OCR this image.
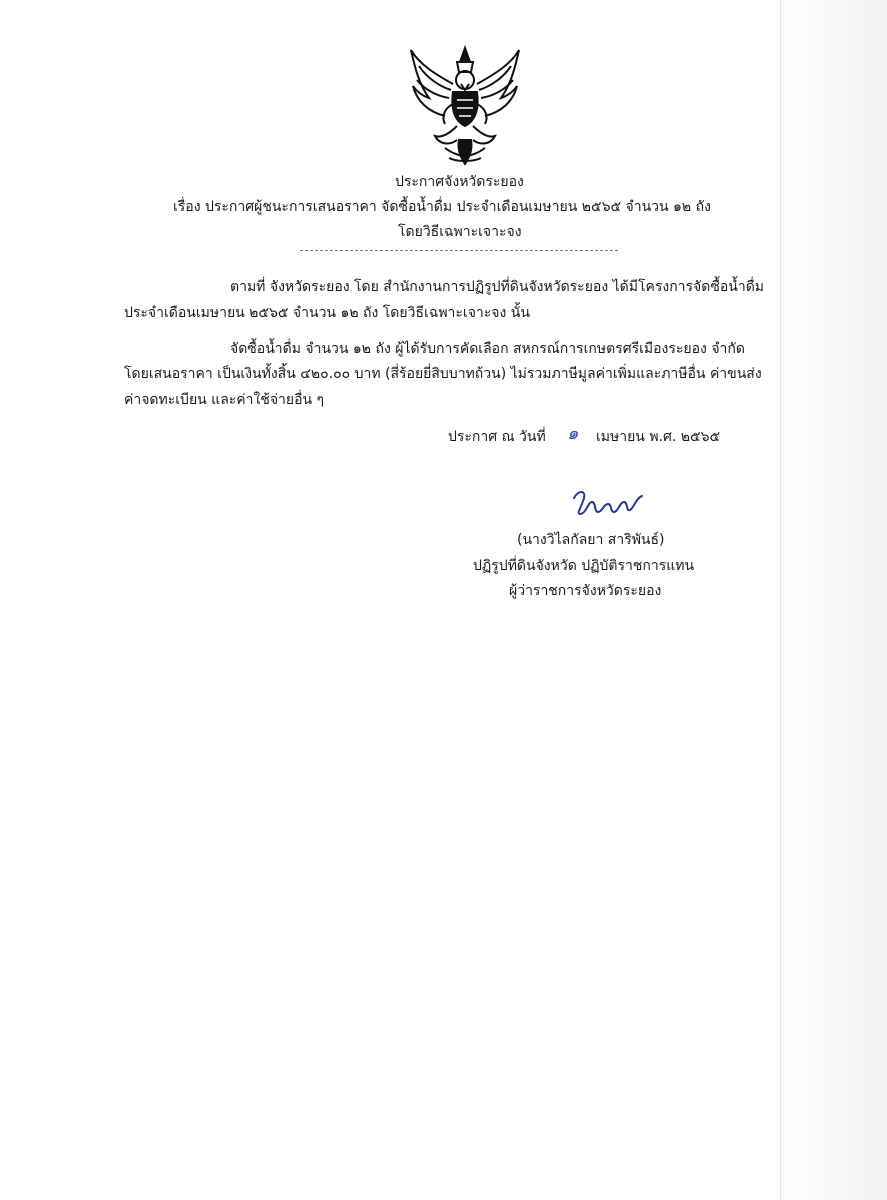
ประกาศจังหวัดระยอง
เรื่อง ประกาศผู้ชนะการเสนอราคา จัดซื้อน้ำดื่ม ประจำเดือนเมษายน ๒๕๖๕ จำนวน ๑๒ ถัง
โดยวิธีเฉพาะเจาะจง
ตามที่ จังหวัดระยอง โดย สำนักงานการปฏิรูปที่ดินจังหวัดระยอง ได้มีโครงการจัดซื้อน้ำดื่ม
ประจำเดือนเมษายน ๒๕๖๕ จำนวน ๑๒ ถัง โดยวิธีเฉพาะเจาะจง นั้น
จัดซื้อน้ำดื่ม จำนวน ๑๒ ถัง ผู้ได้รับการคัดเลือก สหกรณ์การเกษตรศรีเมืองระยอง จำกัด
โดยเสนอราคา เป็นเงินทั้งสิ้น ๔๒๐.๐๐ บาท (สี่ร้อยยี่สิบบาทถ้วน) ไม่รวมภาษีมูลค่าเพิ่มและภาษีอื่น ค่าขนส่ง
ค่าจดทะเบียน และค่าใช้จ่ายอื่น ๆ
ประกาศ ณ วันที่ ๑ เมษายน พ.ศ. ๒๕๖๕
(นางวิไลกัลยา สาริพันธ์)
ปฏิรูปที่ดินจังหวัด ปฏิบัติราชการแทน
ผู้ว่าราชการจังหวัดระยอง
